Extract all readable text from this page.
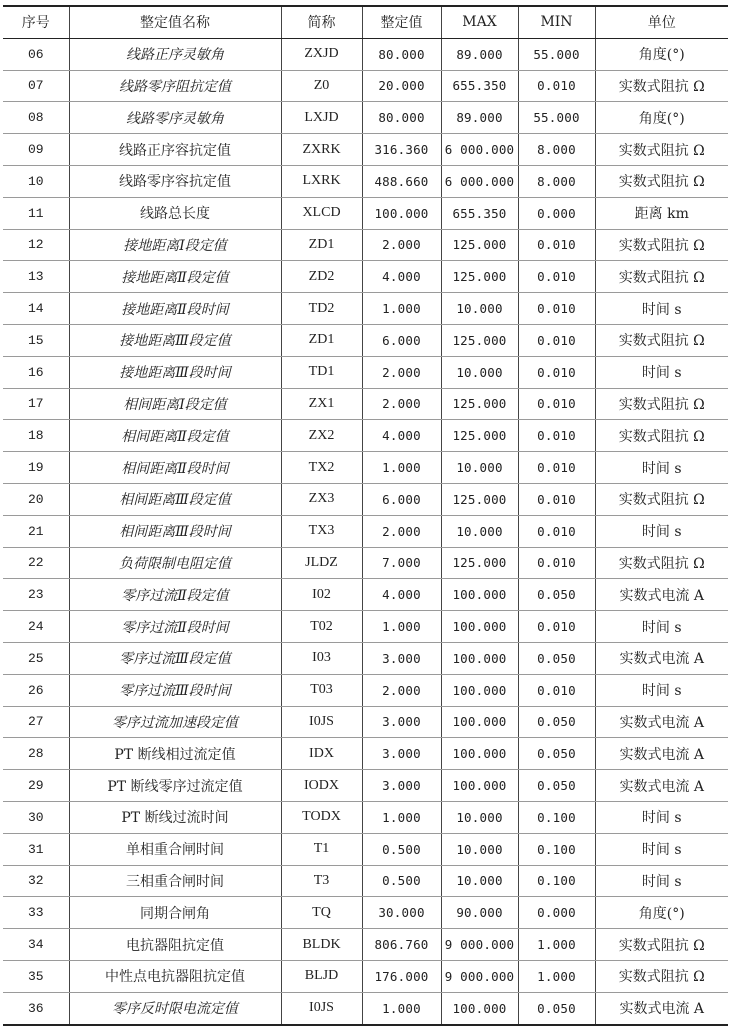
序号	整定值名称	简称	整定值	MAX	MIN	单位
06	线路正序灵敏角	ZXJD	80.000	89.000	55.000	角度(°)
07	线路零序阻抗定值	Z0	20.000	655.350	0.010	实数式阻抗 Ω
08	线路零序灵敏角	LXJD	80.000	89.000	55.000	角度(°)
09	线路正序容抗定值	ZXRK	316.360	6 000.000	8.000	实数式阻抗 Ω
10	线路零序容抗定值	LXRK	488.660	6 000.000	8.000	实数式阻抗 Ω
11	线路总长度	XLCD	100.000	655.350	0.000	距离 km
12	接地距离Ⅰ段定值	ZD1	2.000	125.000	0.010	实数式阻抗 Ω
13	接地距离Ⅱ段定值	ZD2	4.000	125.000	0.010	实数式阻抗 Ω
14	接地距离Ⅱ段时间	TD2	1.000	10.000	0.010	时间 s
15	接地距离Ⅲ段定值	ZD1	6.000	125.000	0.010	实数式阻抗 Ω
16	接地距离Ⅲ段时间	TD1	2.000	10.000	0.010	时间 s
17	相间距离Ⅰ段定值	ZX1	2.000	125.000	0.010	实数式阻抗 Ω
18	相间距离Ⅱ段定值	ZX2	4.000	125.000	0.010	实数式阻抗 Ω
19	相间距离Ⅱ段时间	TX2	1.000	10.000	0.010	时间 s
20	相间距离Ⅲ段定值	ZX3	6.000	125.000	0.010	实数式阻抗 Ω
21	相间距离Ⅲ段时间	TX3	2.000	10.000	0.010	时间 s
22	负荷限制电阻定值	JLDZ	7.000	125.000	0.010	实数式阻抗 Ω
23	零序过流Ⅱ段定值	I02	4.000	100.000	0.050	实数式电流 A
24	零序过流Ⅱ段时间	T02	1.000	100.000	0.010	时间 s
25	零序过流Ⅲ段定值	I03	3.000	100.000	0.050	实数式电流 A
26	零序过流Ⅲ段时间	T03	2.000	100.000	0.010	时间 s
27	零序过流加速段定值	I0JS	3.000	100.000	0.050	实数式电流 A
28	PT 断线相过流定值	IDX	3.000	100.000	0.050	实数式电流 A
29	PT 断线零序过流定值	IODX	3.000	100.000	0.050	实数式电流 A
30	PT 断线过流时间	TODX	1.000	10.000	0.100	时间 s
31	单相重合闸时间	T1	0.500	10.000	0.100	时间 s
32	三相重合闸时间	T3	0.500	10.000	0.100	时间 s
33	同期合闸角	TQ	30.000	90.000	0.000	角度(°)
34	电抗器阻抗定值	BLDK	806.760	9 000.000	1.000	实数式阻抗 Ω
35	中性点电抗器阻抗定值	BLJD	176.000	9 000.000	1.000	实数式阻抗 Ω
36	零序反时限电流定值	I0JS	1.000	100.000	0.050	实数式电流 A
